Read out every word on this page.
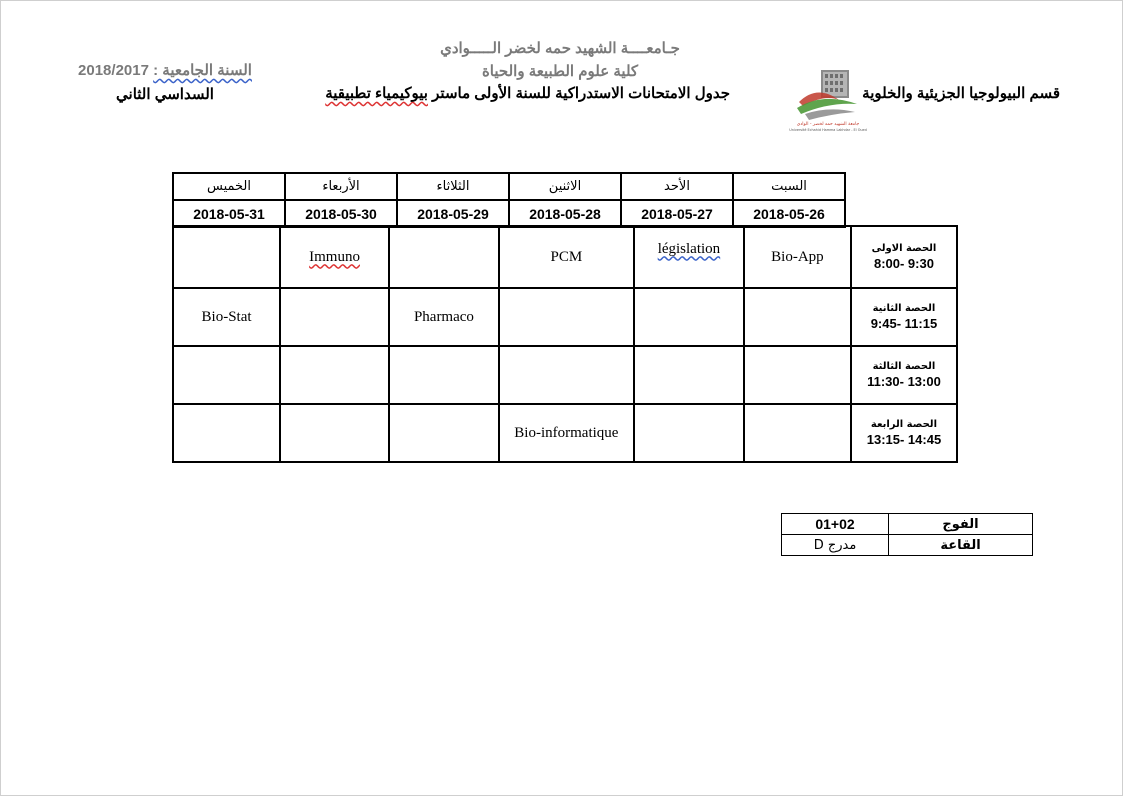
جـامعــــة الشهيد حمه لخضر الـــــوادي
كلية علوم الطبيعة والحياة
2018/2017 السنة الجامعية :
السداسي الثاني	قسم البيولوجيا الجزيئية والخلوية
جدول الامتحانات الاستدراكية للسنة الأولى ماستر بيوكيمياء تطبيقية
جامعة الشهيد حمه لخضر - الوادي
Université Echahid Hamma Lakhdar - El Oued
السبت	الأحد	الاثنين	الثلاثاء	الأربعاء	الخميس
2018-05-26	2018-05-27	2018-05-28	2018-05-29	2018-05-30	2018-05-31
الحصة الاولى
8:00- 9:30	Bio-App	législation	PCM		Immuno	

الحصة الثانية
9:45- 11:15				Pharmaco		Bio-Stat

الحصة الثالثة
11:30- 13:00						

الحصة الرابعة
13:15- 14:45			Bio-informatique			
الفوج	01+02
القاعة	مدرج D
